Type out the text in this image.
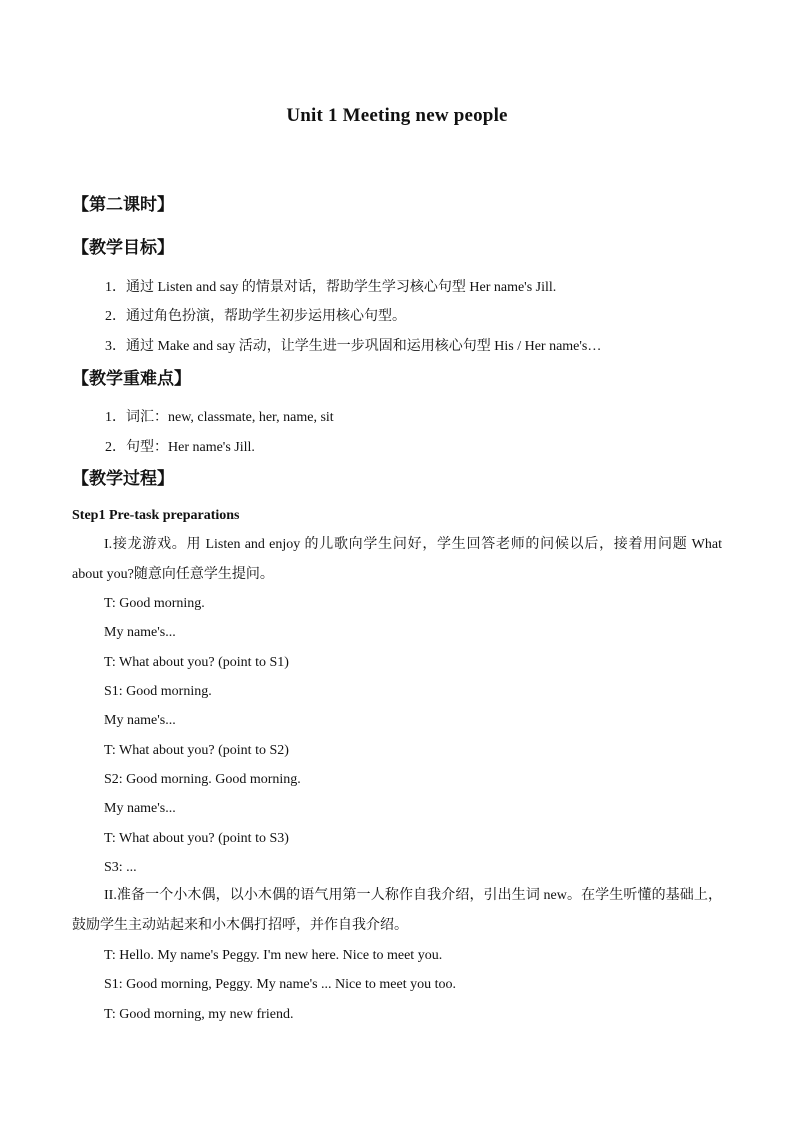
Unit 1 Meeting new people
【第二课时】
【教学目标】
1．通过 Listen and say 的情景对话，帮助学生学习核心句型 Her name's Jill.
2．通过角色扮演，帮助学生初步运用核心句型。
3．通过 Make and say 活动，让学生进一步巩固和运用核心句型 His / Her name's…
【教学重难点】
1．词汇：new, classmate, her, name, sit
2．句型：Her name's Jill.
【教学过程】
Step1 Pre-task preparations
I.接龙游戏。用 Listen and enjoy 的儿歌向学生问好，学生回答老师的问候以后，接着用问题 What about you?随意向任意学生提问。
T: Good morning.
My name's...
T: What about you? (point to S1)
S1: Good morning.
My name's...
T: What about you? (point to S2)
S2: Good morning. Good morning.
My name's...
T: What about you? (point to S3)
S3: ...
II.准备一个小木偶，以小木偶的语气用第一人称作自我介绍，引出生词 new。在学生听懂的基础上，鼓励学生主动站起来和小木偶打招呼，并作自我介绍。
T: Hello. My name's Peggy. I'm new here. Nice to meet you.
S1: Good morning, Peggy. My name's ... Nice to meet you too.
T: Good morning, my new friend.
